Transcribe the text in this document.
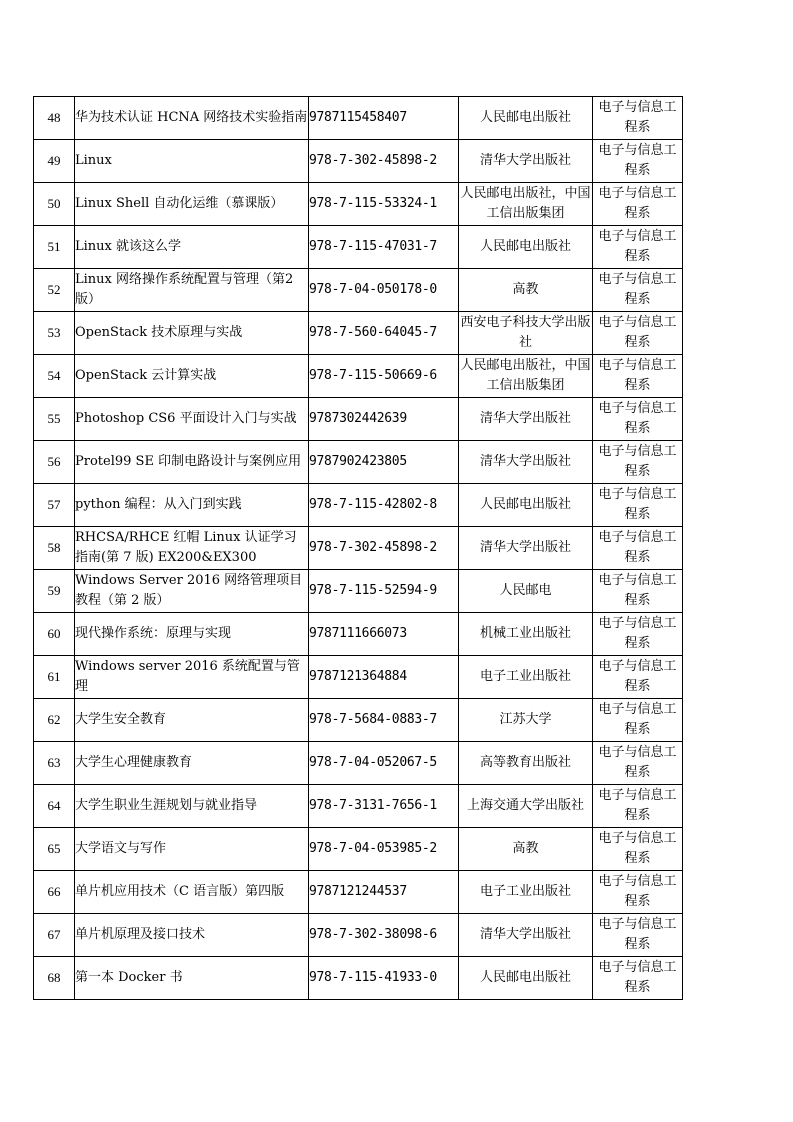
48	华为技术认证 HCNA 网络技术实验指南	9787115458407	人民邮电出版社	电子与信息工程系

49	Linux	978-7-302-45898-2	清华大学出版社	电子与信息工程系

50	Linux Shell 自动化运维（慕课版）	978-7-115-53324-1	人民邮电出版社，中国工信出版集团	电子与信息工程系

51	Linux 就该这么学	978-7-115-47031-7	人民邮电出版社	电子与信息工程系

52	Linux 网络操作系统配置与管理（第2版）	978-7-04-050178-0	高教	电子与信息工程系

53	OpenStack 技术原理与实战	978-7-560-64045-7	西安电子科技大学出版社	电子与信息工程系

54	OpenStack 云计算实战	978-7-115-50669-6	人民邮电出版社，中国工信出版集团	电子与信息工程系

55	Photoshop CS6 平面设计入门与实战	9787302442639	清华大学出版社	电子与信息工程系

56	Protel99 SE 印制电路设计与案例应用	9787902423805	清华大学出版社	电子与信息工程系

57	python 编程：从入门到实践	978-7-115-42802-8	人民邮电出版社	电子与信息工程系

58	RHCSA/RHCE 红帽 Linux 认证学习指南(第 7 版) EX200&EX300	978-7-302-45898-2	清华大学出版社	电子与信息工程系

59	Windows Server 2016 网络管理项目教程（第 2 版）	978-7-115-52594-9	人民邮电	电子与信息工程系

60	现代操作系统：原理与实现	9787111666073	机械工业出版社	电子与信息工程系

61	Windows server 2016 系统配置与管理	9787121364884	电子工业出版社	电子与信息工程系

62	大学生安全教育	978-7-5684-0883-7	江苏大学	电子与信息工程系

63	大学生心理健康教育	978-7-04-052067-5	高等教育出版社	电子与信息工程系

64	大学生职业生涯规划与就业指导	978-7-3131-7656-1	上海交通大学出版社	电子与信息工程系

65	大学语文与写作	978-7-04-053985-2	高教	电子与信息工程系

66	单片机应用技术（C 语言版）第四版	9787121244537	电子工业出版社	电子与信息工程系

67	单片机原理及接口技术	978-7-302-38098-6	清华大学出版社	电子与信息工程系

68	第一本 Docker 书	978-7-115-41933-0	人民邮电出版社	电子与信息工程系
